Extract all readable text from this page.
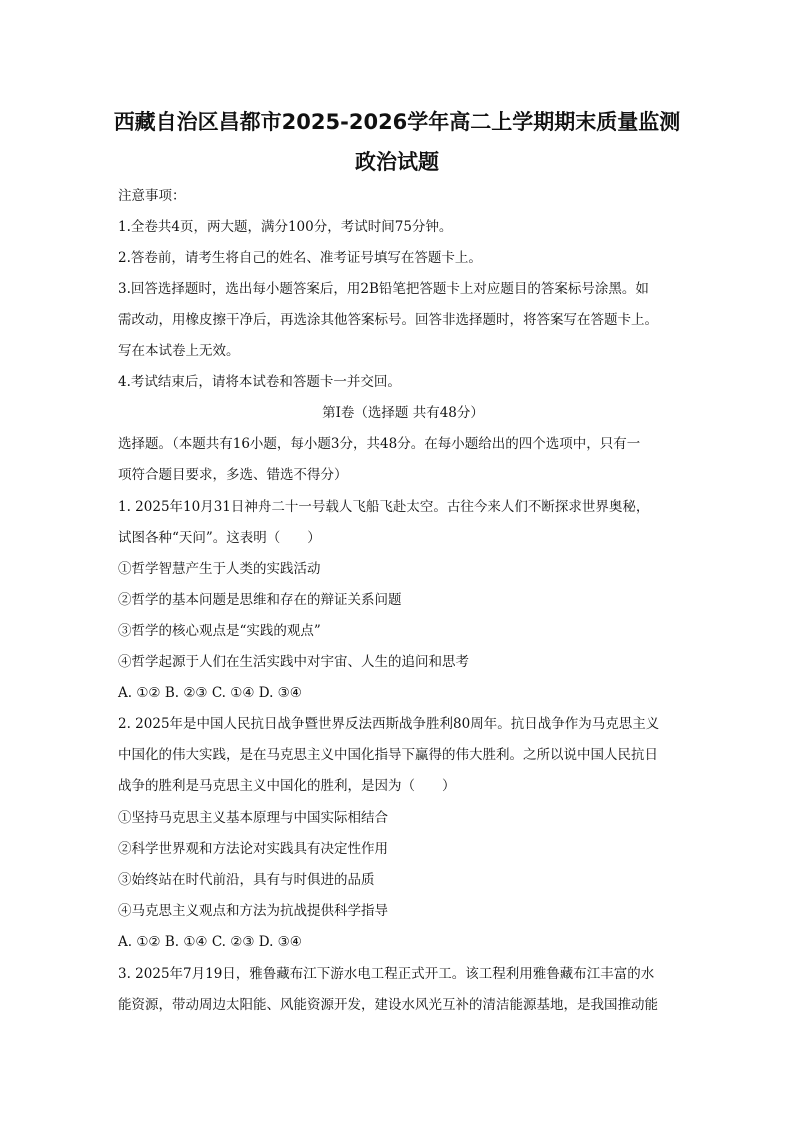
西藏自治区昌都市2025-2026学年高二上学期期末质量监测
政治试题
注意事项：
1.全卷共4页，两大题，满分100分，考试时间75分钟。
2.答卷前，请考生将自己的姓名、准考证号填写在答题卡上。
3.回答选择题时，选出每小题答案后，用2B铅笔把答题卡上对应题目的答案标号涂黑。如
需改动，用橡皮擦干净后，再选涂其他答案标号。回答非选择题时，将答案写在答题卡上。
写在本试卷上无效。
4.考试结束后，请将本试卷和答题卡一并交回。
第Ⅰ卷（选择题 共有48分）
选择题。（本题共有16小题，每小题3分，共48分。在每小题给出的四个选项中，只有一
项符合题目要求，多选、错选不得分）
1. 2025年10月31日神舟二十一号载人飞船飞赴太空。古往今来人们不断探求世界奥秘，
试图各种“天问”。这表明（　　）
①哲学智慧产生于人类的实践活动
②哲学的基本问题是思维和存在的辩证关系问题
③哲学的核心观点是“实践的观点”
④哲学起源于人们在生活实践中对宇宙、人生的追问和思考
A. ①② B. ②③ C. ①④ D. ③④
2. 2025年是中国人民抗日战争暨世界反法西斯战争胜利80周年。抗日战争作为马克思主义
中国化的伟大实践，是在马克思主义中国化指导下赢得的伟大胜利。之所以说中国人民抗日
战争的胜利是马克思主义中国化的胜利，是因为（　　）
①坚持马克思主义基本原理与中国实际相结合
②科学世界观和方法论对实践具有决定性作用
③始终站在时代前沿，具有与时俱进的品质
④马克思主义观点和方法为抗战提供科学指导
A. ①② B. ①④ C. ②③ D. ③④
3. 2025年7月19日，雅鲁藏布江下游水电工程正式开工。该工程利用雅鲁藏布江丰富的水
能资源，带动周边太阳能、风能资源开发，建设水风光互补的清洁能源基地，是我国推动能
